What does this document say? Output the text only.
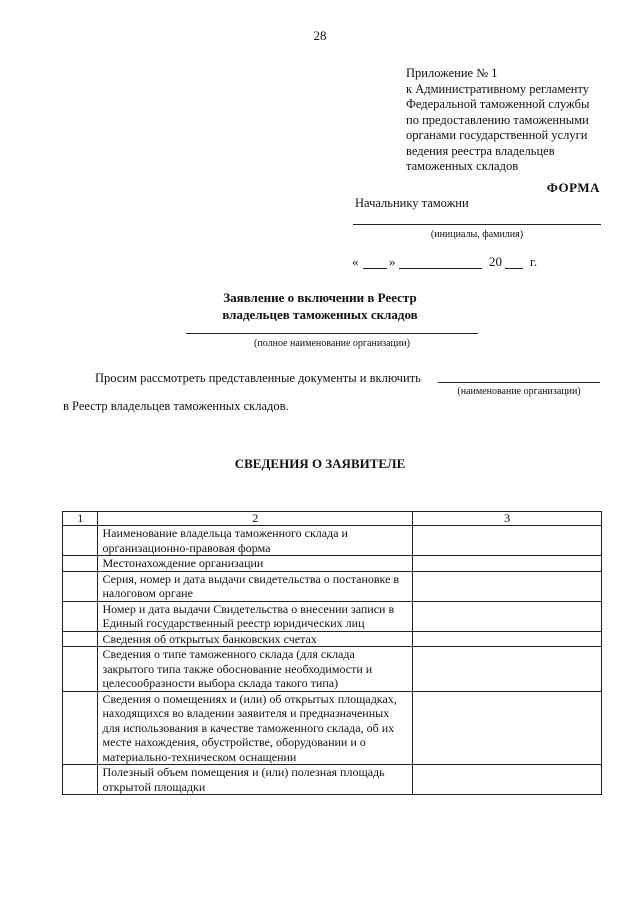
28
Приложение № 1
к Административному регламенту
Федеральной таможенной службы
по предоставлению таможенными
органами государственной услуги
ведения реестра владельцев
таможенных складов
ФОРМА
Начальнику таможни
(инициалы, фамилия)
« »	20 г.
Заявление о включении в Реестр
владельцев таможенных складов
(полное наименование организации)
Просим рассмотреть представленные документы и включить
(наименование организации)
в Реестр владельцев таможенных складов.
СВЕДЕНИЯ О ЗАЯВИТЕЛЕ
1	2	3
	Наименование владельца таможенного склада и организационно-правовая форма	
	Местонахождение организации	
	Серия, номер и дата выдачи свидетельства о постановке в налоговом органе	
	Номер и дата выдачи Свидетельства о внесении записи в Единый государственный реестр юридических лиц	
	Сведения об открытых банковских счетах	
	Сведения о типе таможенного склада (для склада закрытого типа также обоснование необходимости и целесообразности выбора склада такого типа)	
	Сведения о помещениях и (или) об открытых площадках, находящихся во владении заявителя и предназначенных для использования в качестве таможенного склада, об их месте нахождения, обустройстве, оборудовании и о материально-техническом оснащении	
	Полезный объем помещения и (или) полезная площадь открытой площадки	
